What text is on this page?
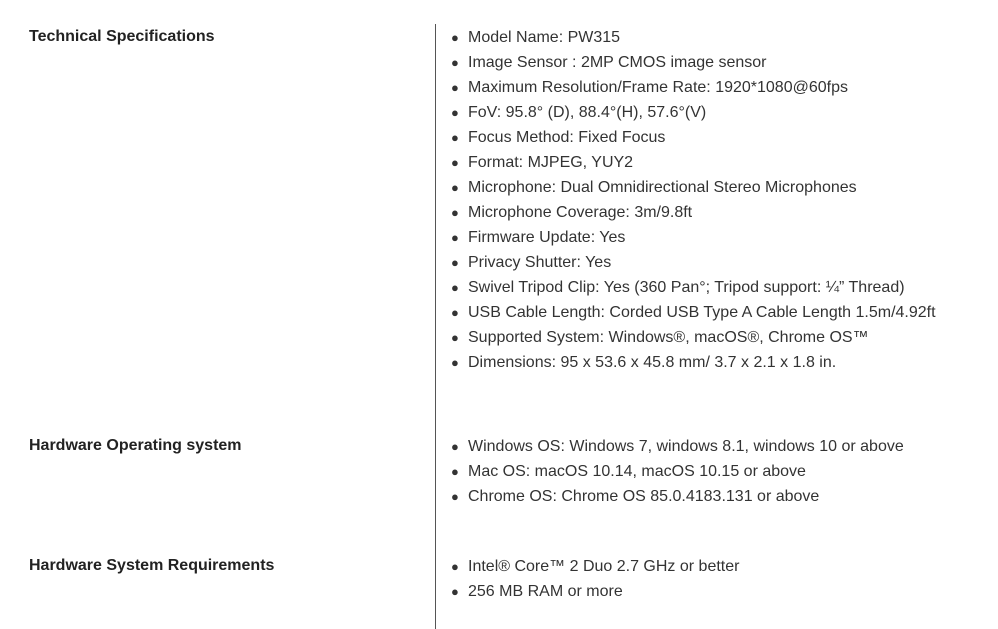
Technical Specifications	● Model Name: PW315
● Image Sensor : 2MP CMOS image sensor
● Maximum Resolution/Frame Rate: 1920*1080@60fps
● FoV: 95.8° (D), 88.4°(H), 57.6°(V)
● Focus Method: Fixed Focus
● Format: MJPEG, YUY2
● Microphone: Dual Omnidirectional Stereo Microphones
● Microphone Coverage: 3m/9.8ft
● Firmware Update: Yes
● Privacy Shutter: Yes
● Swivel Tripod Clip: Yes (360 Pan°; Tripod support: ¼” Thread)
● USB Cable Length: Corded USB Type A Cable Length 1.5m/4.92ft
● Supported System: Windows®, macOS®, Chrome OS™
● Dimensions: 95 x 53.6 x 45.8 mm/ 3.7 x 2.1 x 1.8 in.
Hardware Operating system	● Windows OS: Windows 7, windows 8.1, windows 10 or above
● Mac OS: macOS 10.14, macOS 10.15 or above
● Chrome OS: Chrome OS 85.0.4183.131 or above
Hardware System Requirements	● Intel® Core™ 2 Duo 2.7 GHz or better
● 256 MB RAM or more
